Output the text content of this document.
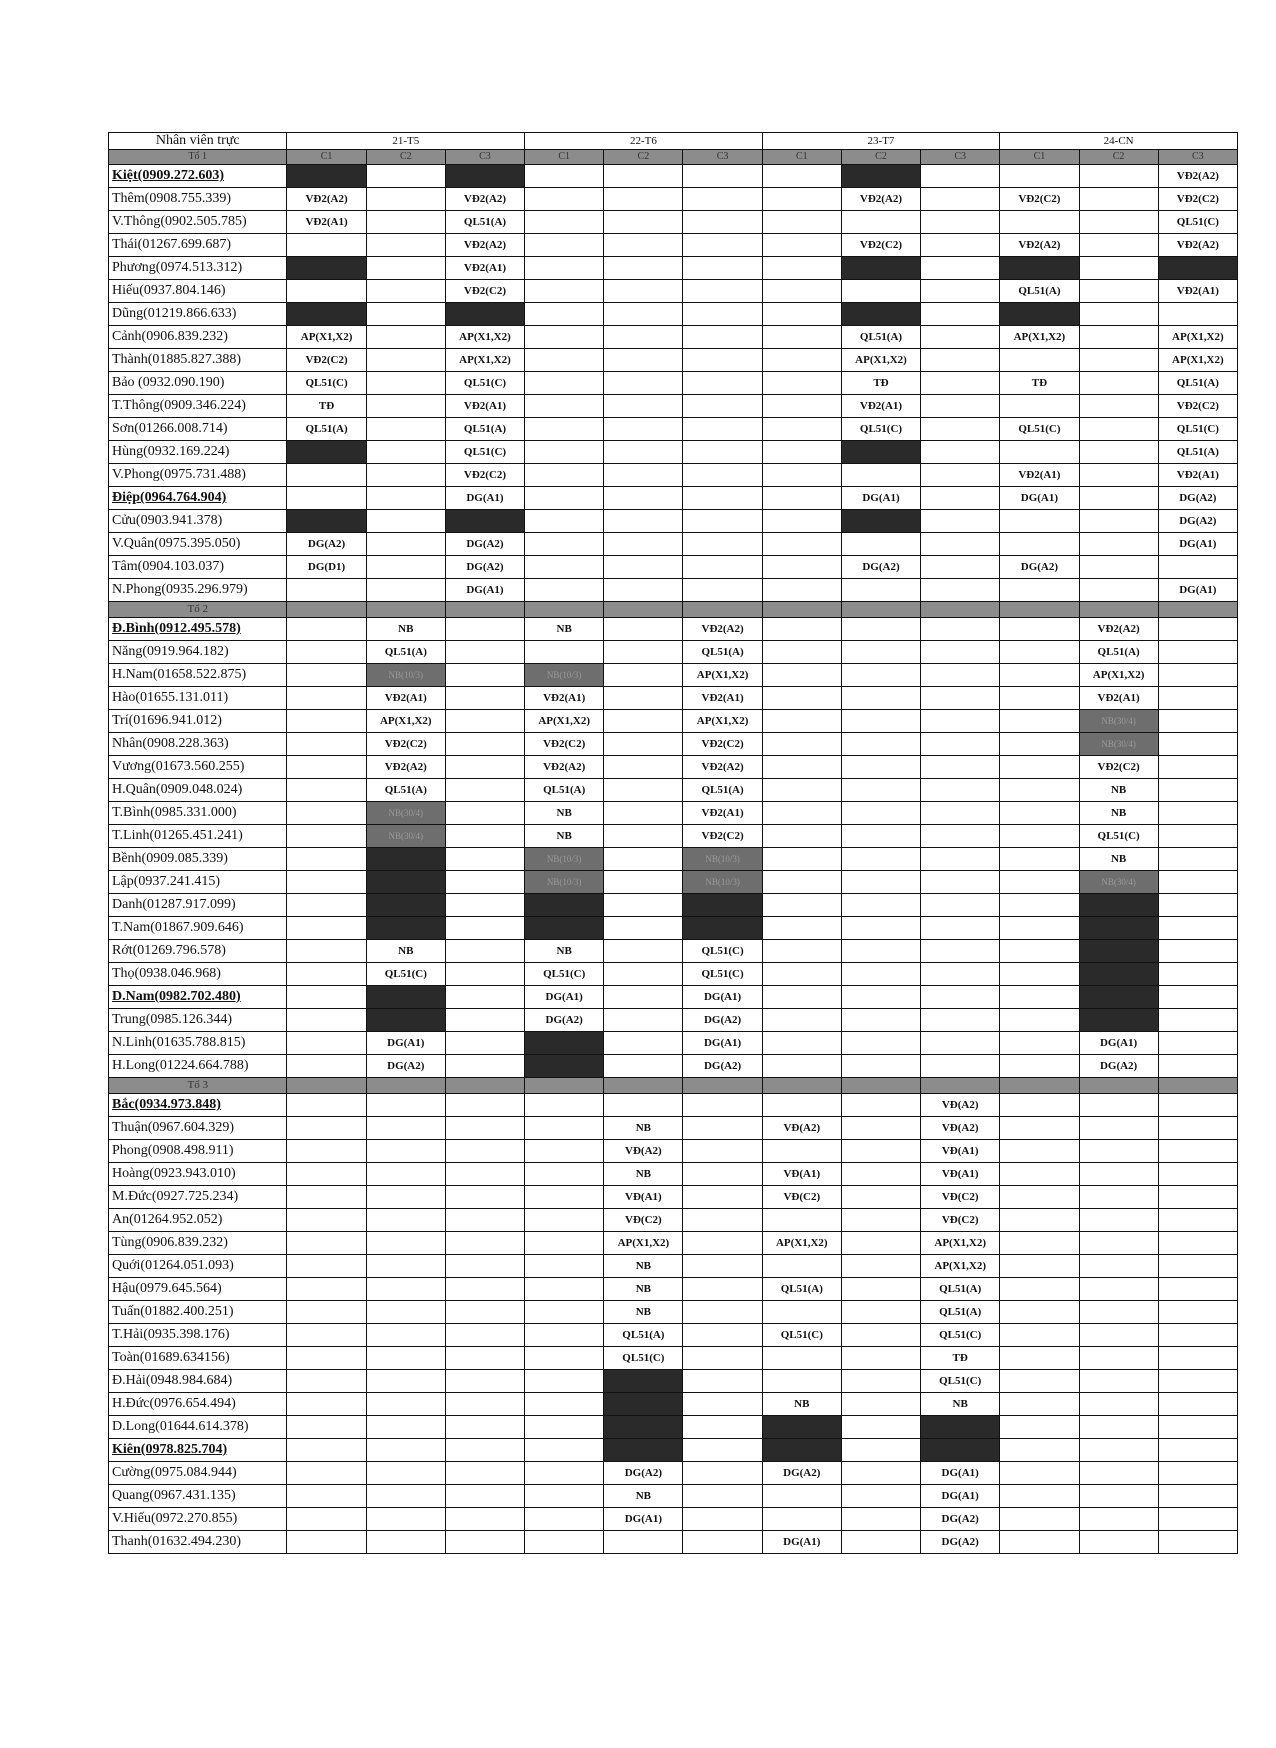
Nhân viên trực	21-T5			22-T6			23-T7			24-CN		
Tổ 1	C1	C2	C3	C1	C2	C3	C1	C2	C3	C1	C2	C3
Kiệt(0909.272.603)												VĐ2(A2)
Thêm(0908.755.339)	VĐ2(A2)		VĐ2(A2)					VĐ2(A2)		VĐ2(C2)		VĐ2(C2)
V.Thông(0902.505.785)	VĐ2(A1)		QL51(A)									QL51(C)
Thái(01267.699.687)			VĐ2(A2)					VĐ2(C2)		VĐ2(A2)		VĐ2(A2)
Phương(0974.513.312)			VĐ2(A1)									
Hiếu(0937.804.146)			VĐ2(C2)							QL51(A)		VĐ2(A1)
Dũng(01219.866.633)												
Cảnh(0906.839.232)	AP(X1,X2)		AP(X1,X2)					QL51(A)		AP(X1,X2)		AP(X1,X2)
Thành(01885.827.388)	VĐ2(C2)		AP(X1,X2)					AP(X1,X2)				AP(X1,X2)
Bảo (0932.090.190)	QL51(C)		QL51(C)					TĐ		TĐ		QL51(A)
T.Thông(0909.346.224)	TĐ		VĐ2(A1)					VĐ2(A1)				VĐ2(C2)
Sơn(01266.008.714)	QL51(A)		QL51(A)					QL51(C)		QL51(C)		QL51(C)
Hùng(0932.169.224)			QL51(C)									QL51(A)
V.Phong(0975.731.488)			VĐ2(C2)							VĐ2(A1)		VĐ2(A1)
Điệp(0964.764.904)			DG(A1)					DG(A1)		DG(A1)		DG(A2)
Cửu(0903.941.378)												DG(A2)
V.Quân(0975.395.050)	DG(A2)		DG(A2)									DG(A1)
Tâm(0904.103.037)	DG(D1)		DG(A2)					DG(A2)		DG(A2)		
N.Phong(0935.296.979)			DG(A1)									DG(A1)
Tổ 2												
Đ.Bình(0912.495.578)		NB		NB		VĐ2(A2)					VĐ2(A2)	
Năng(0919.964.182)		QL51(A)				QL51(A)					QL51(A)	
H.Nam(01658.522.875)		NB(10/3)		NB(10/3)		AP(X1,X2)					AP(X1,X2)	
Hào(01655.131.011)		VĐ2(A1)		VĐ2(A1)		VĐ2(A1)					VĐ2(A1)	
Trí(01696.941.012)		AP(X1,X2)		AP(X1,X2)		AP(X1,X2)					NB(30/4)	
Nhân(0908.228.363)		VĐ2(C2)		VĐ2(C2)		VĐ2(C2)					NB(30/4)	
Vương(01673.560.255)		VĐ2(A2)		VĐ2(A2)		VĐ2(A2)					VĐ2(C2)	
H.Quân(0909.048.024)		QL51(A)		QL51(A)		QL51(A)					NB	
T.Bình(0985.331.000)		NB(30/4)		NB		VĐ2(A1)					NB	
T.Linh(01265.451.241)		NB(30/4)		NB		VĐ2(C2)					QL51(C)	
Bềnh(0909.085.339)				NB(10/3)		NB(10/3)					NB	
Lập(0937.241.415)				NB(10/3)		NB(10/3)					NB(30/4)	
Danh(01287.917.099)												
T.Nam(01867.909.646)												
Rớt(01269.796.578)		NB		NB		QL51(C)						
Thọ(0938.046.968)		QL51(C)		QL51(C)		QL51(C)						
D.Nam(0982.702.480)				DG(A1)		DG(A1)						
Trung(0985.126.344)				DG(A2)		DG(A2)						
N.Linh(01635.788.815)		DG(A1)				DG(A1)					DG(A1)	
H.Long(01224.664.788)		DG(A2)				DG(A2)					DG(A2)	
Tổ 3												
Bắc(0934.973.848)									VĐ(A2)			
Thuận(0967.604.329)					NB		VĐ(A2)		VĐ(A2)			
Phong(0908.498.911)					VĐ(A2)				VĐ(A1)			
Hoàng(0923.943.010)					NB		VĐ(A1)		VĐ(A1)			
M.Đức(0927.725.234)					VĐ(A1)		VĐ(C2)		VĐ(C2)			
An(01264.952.052)					VĐ(C2)				VĐ(C2)			
Tùng(0906.839.232)					AP(X1,X2)		AP(X1,X2)		AP(X1,X2)			
Quới(01264.051.093)					NB				AP(X1,X2)			
Hậu(0979.645.564)					NB		QL51(A)		QL51(A)			
Tuấn(01882.400.251)					NB				QL51(A)			
T.Hải(0935.398.176)					QL51(A)		QL51(C)		QL51(C)			
Toàn(01689.634156)					QL51(C)				TĐ			
Đ.Hải(0948.984.684)									QL51(C)			
H.Đức(0976.654.494)							NB		NB			
D.Long(01644.614.378)												
Kiên(0978.825.704)												
Cường(0975.084.944)					DG(A2)		DG(A2)		DG(A1)			
Quang(0967.431.135)					NB				DG(A1)			
V.Hiếu(0972.270.855)					DG(A1)				DG(A2)			
Thanh(01632.494.230)							DG(A1)		DG(A2)			
